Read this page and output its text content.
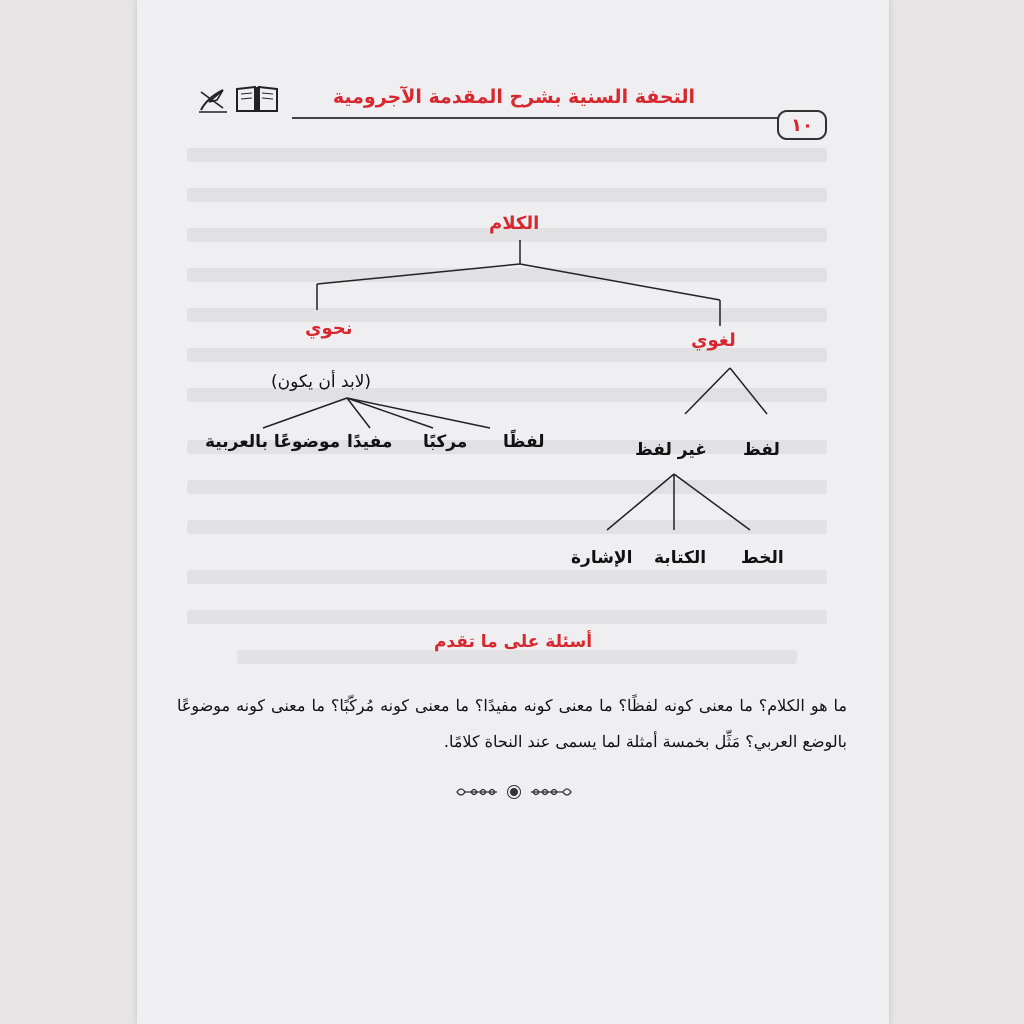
التحفة السنية بشرح المقدمة الآجرومية
١٠
الكلام
نحوي
لغوي
(لابد أن يكون)
لفظًا
مركبًا
مفيدًا
موضوعًا بالعربية	لفظ
غير لفظ
الخط
الكتابة
الإشارة
أسئلة على ما تقدم

ما هو الكلام؟ ما معنى كونه لفظًا؟ ما معنى كونه مفيدًا؟ ما معنى كونه مُركّبًا؟ ما معنى كونه موضوعًا بالوضع العربي؟ مَثِّل بخمسة أمثلة لما يسمى عند النحاة كلامًا.
